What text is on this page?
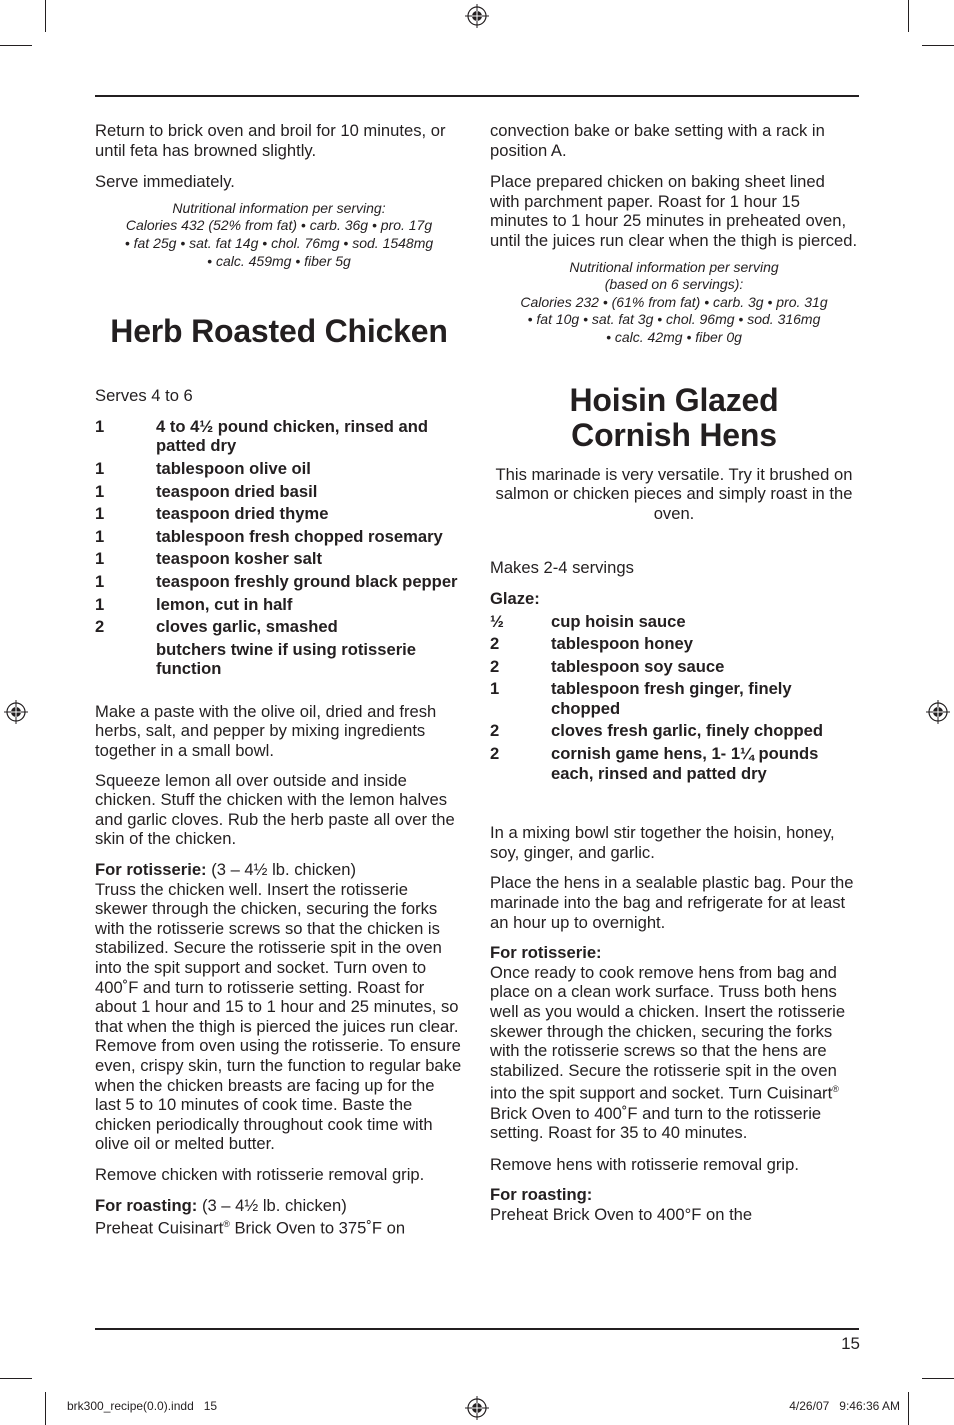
Return to brick oven and broil for 10 minutes, or until feta has browned slightly.

Serve immediately.

Nutritional information per serving:
Calories 432 (52% from fat) • carb. 36g • pro. 17g
• fat 25g • sat. fat 14g • chol. 76mg • sod. 1548mg
• calc. 459mg • fiber 5g
Herb Roasted Chicken

Serves 4 to 6

1	4 to 4½ pound chicken, rinsed and patted dry
1	tablespoon olive oil
1	teaspoon dried basil
1	teaspoon dried thyme
1	tablespoon fresh chopped rosemary
1	teaspoon kosher salt
1	teaspoon freshly ground black pepper
1	lemon, cut in half
2	cloves garlic, smashed
butchers twine if using rotisserie function

Make a paste with the olive oil, dried and fresh herbs, salt, and pepper by mixing ingredients together in a small bowl.

Squeeze lemon all over outside and inside chicken. Stuff the chicken with the lemon halves and garlic cloves. Rub the herb paste all over the skin of the chicken.

For rotisserie: (3 – 4½ lb. chicken)
Truss the chicken well. Insert the rotisserie skewer through the chicken, securing the forks with the rotisserie screws so that the chicken is stabilized. Secure the rotisserie spit in the oven into the spit support and socket. Turn oven to 400˚F and turn to rotisserie setting. Roast for about 1 hour and 15 to 1 hour and 25 minutes, so that when the thigh is pierced the juices run clear. Remove from oven using the rotisserie. To ensure even, crispy skin, turn the function to regular bake when the chicken breasts are facing up for the last 5 to 10 minutes of cook time. Baste the chicken periodically throughout cook time with olive oil or melted butter.

Remove chicken with rotisserie removal grip.

For roasting: (3 – 4½ lb. chicken)
Preheat Cuisinart® Brick Oven to 375˚F on

convection bake or bake setting with a rack in position A.

Place prepared chicken on baking sheet lined with parchment paper. Roast for 1 hour 15 minutes to 1 hour 25 minutes in preheated oven, until the juices run clear when the thigh is pierced.

Nutritional information per serving
(based on 6 servings):
Calories 232 • (61% from fat) • carb. 3g • pro. 31g
• fat 10g • sat. fat 3g • chol. 96mg • sod. 316mg
• calc. 42mg • fiber 0g
Hoisin Glazed
Cornish Hens

This marinade is very versatile. Try it brushed on salmon or chicken pieces and simply roast in the oven.

Makes 2-4 servings

Glaze:
½	cup hoisin sauce
2	tablespoon honey
2	tablespoon soy sauce
1	tablespoon fresh ginger, finely chopped
2	cloves fresh garlic, finely chopped
2	cornish game hens, 1- 1¼ pounds each, rinsed and patted dry

In a mixing bowl stir together the hoisin, honey, soy, ginger, and garlic.

Place the hens in a sealable plastic bag. Pour the marinade into the bag and refrigerate for at least an hour up to overnight.

For rotisserie:
Once ready to cook remove hens from bag and place on a clean work surface. Truss both hens well as you would a chicken. Insert the rotisserie skewer through the chicken, securing the forks with the rotisserie screws so that the hens are stabilized. Secure the rotisserie spit in the oven into the spit support and socket. Turn Cuisinart® Brick Oven to 400˚F and turn to the rotisserie setting. Roast for 35 to 40 minutes.

Remove hens with rotisserie removal grip.

For roasting:
Preheat Brick Oven to 400°F on the

15
brk300_recipe(0.0).indd   15	4/26/07   9:46:36 AM
